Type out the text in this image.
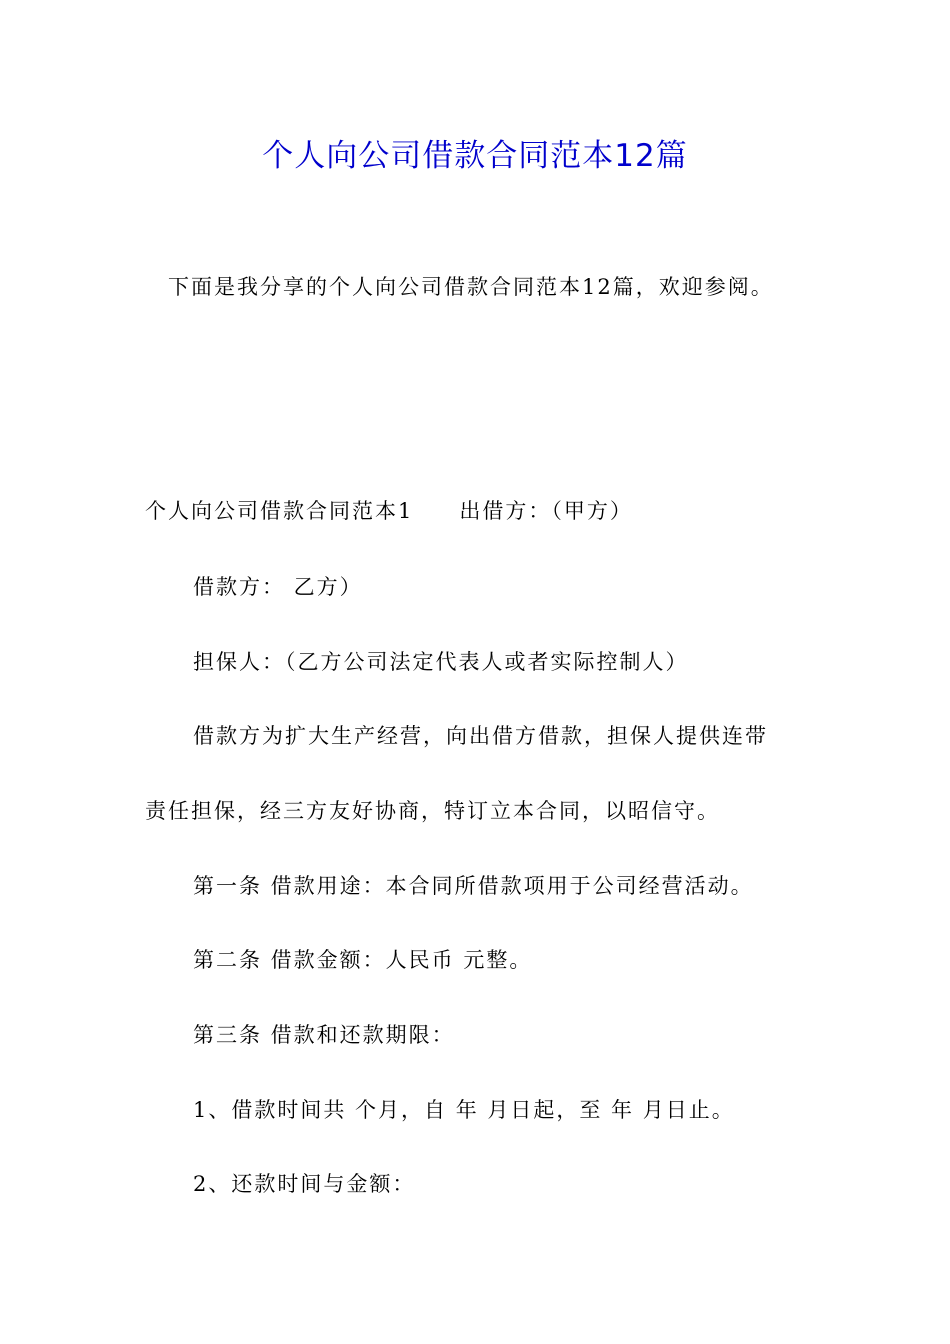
个人向公司借款合同范本12篇
下面是我分享的个人向公司借款合同范本12篇，欢迎参阅。
个人向公司借款合同范本1 出借方：（甲方）
借款方： 乙方）
担保人：（乙方公司法定代表人或者实际控制人）
借款方为扩大生产经营，向出借方借款，担保人提供连带
责任担保，经三方友好协商，特订立本合同，以昭信守。
第一条 借款用途：本合同所借款项用于公司经营活动。
第二条 借款金额：人民币 元整。
第三条 借款和还款期限：
1、借款时间共 个月，自 年 月日起，至 年 月日止。
2、还款时间与金额：
